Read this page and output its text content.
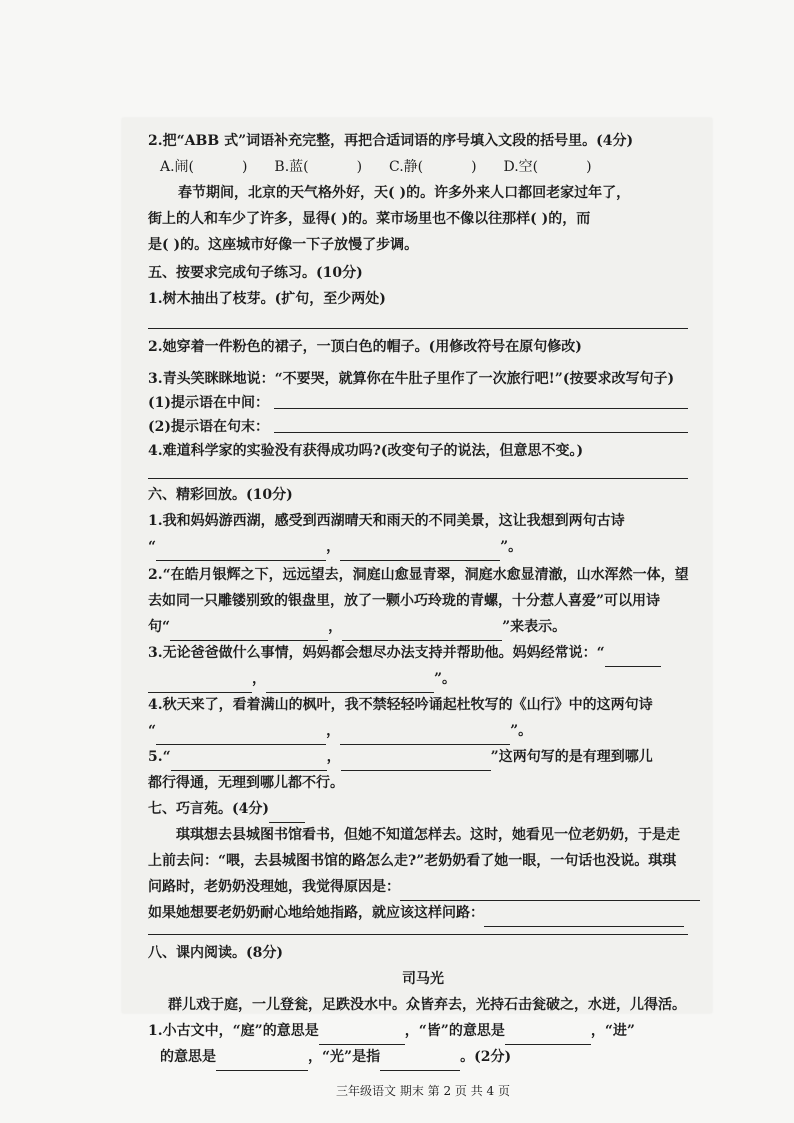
2.把“ABB 式”词语补充完整，再把合适词语的序号填入文段的括号里。(4分)
A.闹(	) B.蓝(	) C.静(	) D.空(	)
春节期间，北京的天气格外好，天( )的。许多外来人口都回老家过年了，
街上的人和车少了许多，显得( )的。菜市场里也不像以往那样( )的，而
是( )的。这座城市好像一下子放慢了步调。
五、按要求完成句子练习。(10分)
1.树木抽出了枝芽。(扩句，至少两处)
2.她穿着一件粉色的裙子，一顶白色的帽子。(用修改符号在原句修改)
3.青头笑眯眯地说：“不要哭，就算你在牛肚子里作了一次旅行吧!”(按要求改写句子)
(1)提示语在中间：
(2)提示语在句末：
4.难道科学家的实验没有获得成功吗?(改变句子的说法，但意思不变。)
六、精彩回放。(10分)
1.我和妈妈游西湖，感受到西湖晴天和雨天的不同美景，这让我想到两句古诗
“	，	”。
2.“在皓月银辉之下，远远望去，洞庭山愈显青翠，洞庭水愈显清澈，山水浑然一体，望
去如同一只雕镂别致的银盘里，放了一颗小巧玲珑的青螺，十分惹人喜爱”可以用诗
句“	，	”来表示。
3.无论爸爸做什么事情，妈妈都会想尽办法支持并帮助他。妈妈经常说：“
，	”。
4.秋天来了，看着满山的枫叶，我不禁轻轻吟诵起杜牧写的《山行》中的这两句诗
“	，	”。
5.“	，	”这两句写的是有理到哪儿
都行得通，无理到哪儿都不行。
七、巧言苑。(4分)
琪琪想去县城图书馆看书，但她不知道怎样去。这时，她看见一位老奶奶，于是走
上前去问：“喂，去县城图书馆的路怎么走?”老奶奶看了她一眼，一句话也没说。琪琪
问路时，老奶奶没理她，我觉得原因是：
如果她想要老奶奶耐心地给她指路，就应该这样问路：
八、课内阅读。(8分)
司马光
群儿戏于庭，一儿登瓮，足跌没水中。众皆弃去，光持石击瓮破之，水迸，儿得活。
1.小古文中，“庭”的意思是	，“皆”的意思是	，“进”
的意思是	，“光”是指	。(2分)
三年级语文 期末 第 2 页 共 4 页
